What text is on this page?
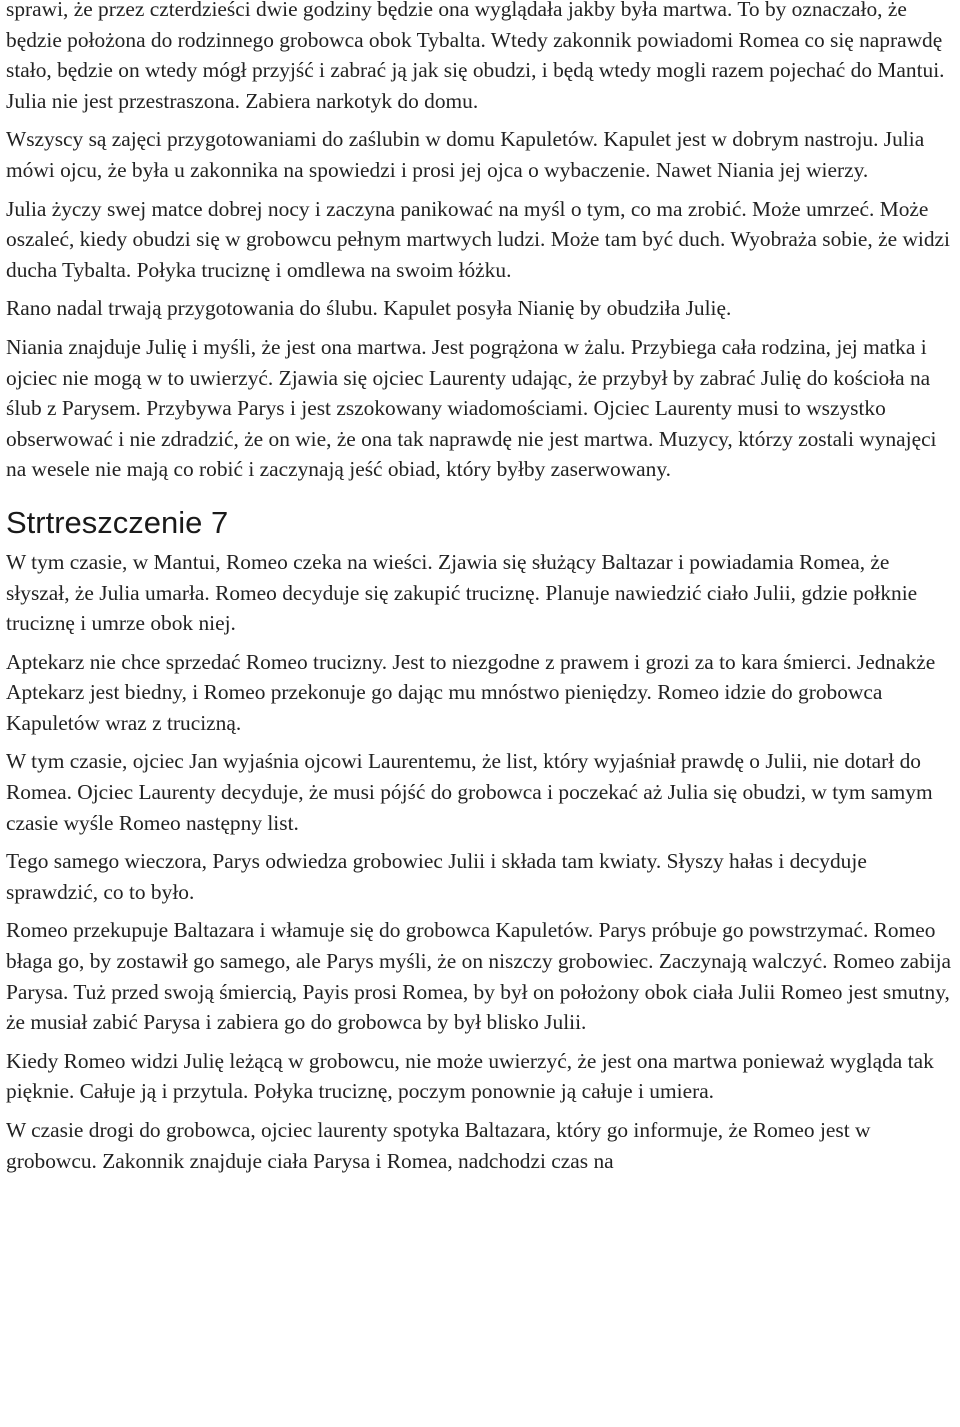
sprawi, że przez czterdzieści dwie godziny będzie ona wyglądała jakby była martwa. To by oznaczało, że będzie położona do rodzinnego grobowca obok Tybalta. Wtedy zakonnik powiadomi Romea co się naprawdę stało, będzie on wtedy mógł przyjść i zabrać ją jak się obudzi, i będą wtedy mogli razem pojechać do Mantui. Julia nie jest przestraszona. Zabiera narkotyk do domu.

Wszyscy są zajęci przygotowaniami do zaślubin w domu Kapuletów. Kapulet jest w dobrym nastroju. Julia mówi ojcu, że była u zakonnika na spowiedzi i prosi jej ojca o wybaczenie. Nawet Niania jej wierzy.

Julia życzy swej matce dobrej nocy i zaczyna panikować na myśl o tym, co ma zrobić. Może umrzeć. Może oszaleć, kiedy obudzi się w grobowcu pełnym martwych ludzi. Może tam być duch. Wyobraża sobie, że widzi ducha Tybalta. Połyka truciznę i omdlewa na swoim łóżku.

Rano nadal trwają przygotowania do ślubu. Kapulet posyła Nianię by obudziła Julię.

Niania znajduje Julię i myśli, że jest ona martwa. Jest pogrążona w żalu. Przybiega cała rodzina, jej matka i ojciec nie mogą w to uwierzyć. Zjawia się ojciec Laurenty udając, że przybył by zabrać Julię do kościoła na ślub z Parysem. Przybywa Parys i jest zszokowany wiadomościami. Ojciec Laurenty musi to wszystko obserwować i nie zdradzić, że on wie, że ona tak naprawdę nie jest martwa. Muzycy, którzy zostali wynajęci na wesele nie mają co robić i zaczynają jeść obiad, który byłby zaserwowany.

Strtreszczenie 7

W tym czasie, w Mantui, Romeo czeka na wieści. Zjawia się służący Baltazar i powiadamia Romea, że słyszał, że Julia umarła. Romeo decyduje się zakupić truciznę. Planuje nawiedzić ciało Julii, gdzie połknie truciznę i umrze obok niej.

Aptekarz nie chce sprzedać Romeo trucizny. Jest to niezgodne z prawem i grozi za to kara śmierci. Jednakże Aptekarz jest biedny, i Romeo przekonuje go dając mu mnóstwo pieniędzy. Romeo idzie do grobowca Kapuletów wraz z trucizną.

W tym czasie, ojciec Jan wyjaśnia ojcowi Laurentemu, że list, który wyjaśniał prawdę o Julii, nie dotarł do Romea. Ojciec Laurenty decyduje, że musi pójść do grobowca i poczekać aż Julia się obudzi, w tym samym czasie wyśle Romeo następny list.

Tego samego wieczora, Parys odwiedza grobowiec Julii i składa tam kwiaty. Słyszy hałas i decyduje sprawdzić, co to było.

Romeo przekupuje Baltazara i włamuje się do grobowca Kapuletów. Parys próbuje go powstrzymać. Romeo błaga go, by zostawił go samego, ale Parys myśli, że on niszczy grobowiec. Zaczynają walczyć. Romeo zabija Parysa. Tuż przed swoją śmiercią, Payis prosi Romea, by był on położony obok ciała Julii Romeo jest smutny, że musiał zabić Parysa i zabiera go do grobowca by był blisko Julii.

Kiedy Romeo widzi Julię leżącą w grobowcu, nie może uwierzyć, że jest ona martwa ponieważ wygląda tak pięknie. Całuje ją i przytula. Połyka truciznę, poczym ponownie ją całuje i umiera.

W czasie drogi do grobowca, ojciec laurenty spotyka Baltazara, który go informuje, że Romeo jest w grobowcu. Zakonnik znajduje ciała Parysa i Romea, nadchodzi czas na
